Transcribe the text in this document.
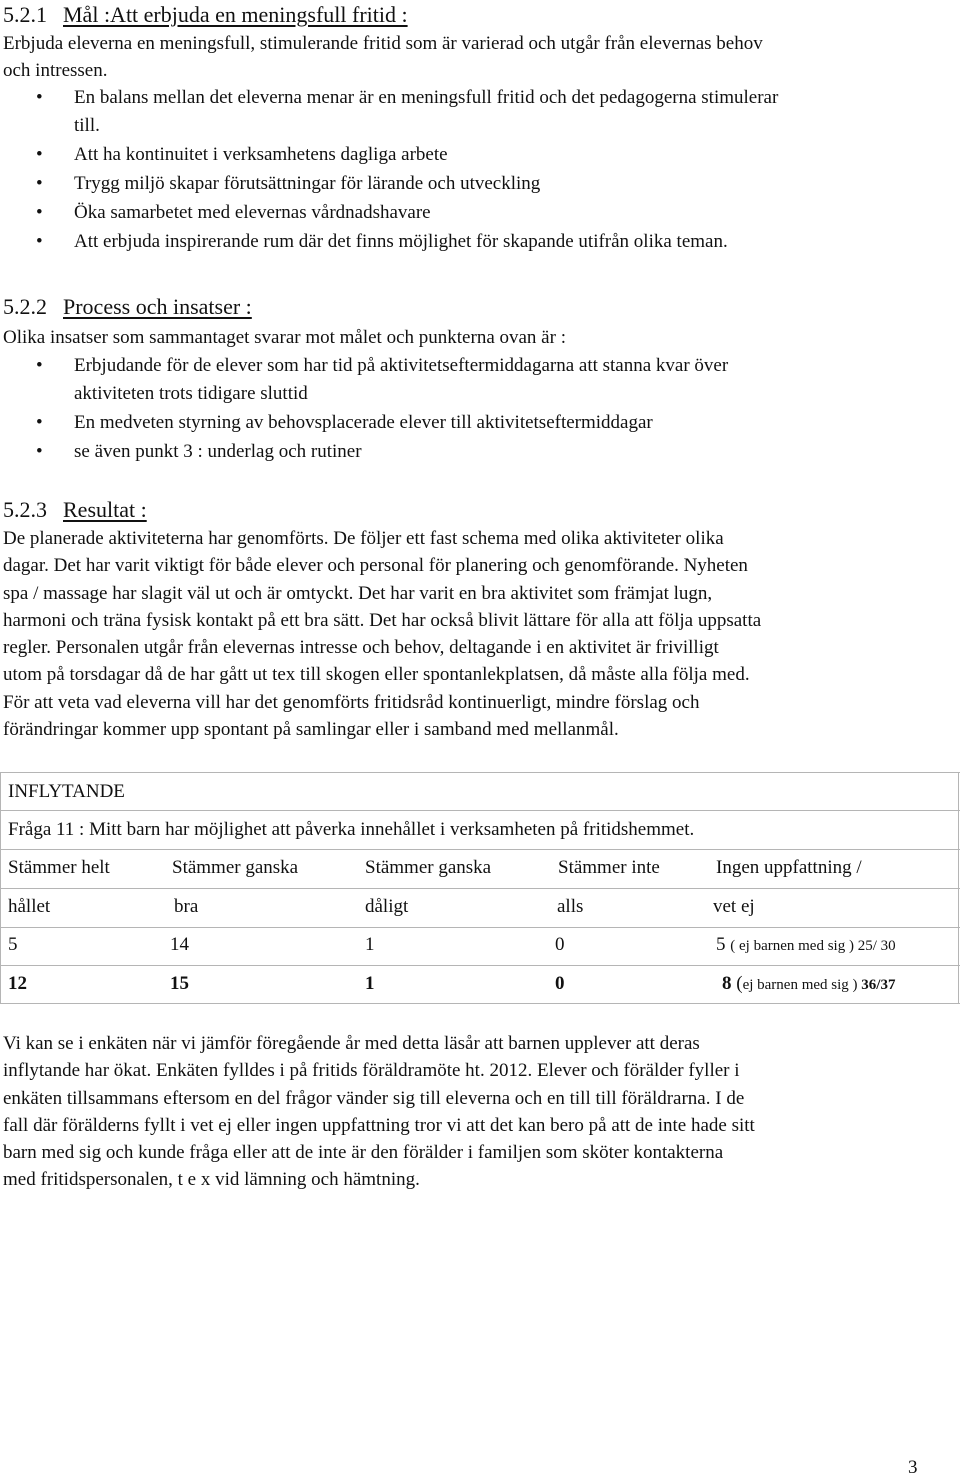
5.2.1 Mål :Att erbjuda en meningsfull fritid :
Erbjuda eleverna en meningsfull, stimulerande fritid som är varierad och utgår från elevernas behov
och intressen.
• En balans mellan det eleverna menar är en meningsfull fritid och det pedagogerna stimulerar
till.
• Att ha kontinuitet i verksamhetens dagliga arbete
• Trygg miljö skapar förutsättningar för lärande och utveckling
• Öka samarbetet med elevernas vårdnadshavare
• Att erbjuda inspirerande rum där det finns möjlighet för skapande utifrån olika teman.
5.2.2 Process och insatser :
Olika insatser som sammantaget svarar mot målet och punkterna ovan är :
• Erbjudande för de elever som har tid på aktivitetseftermiddagarna att stanna kvar över
aktiviteten trots tidigare sluttid
• En medveten styrning av behovsplacerade elever till aktivitetseftermiddagar
• se även punkt 3 : underlag och rutiner
5.2.3 Resultat :
De planerade aktiviteterna har genomförts. De följer ett fast schema med olika aktiviteter olika
dagar. Det har varit viktigt för både elever och personal för planering och genomförande. Nyheten
spa / massage har slagit väl ut och är omtyckt. Det har varit en bra aktivitet som främjat lugn,
harmoni och träna fysisk kontakt på ett bra sätt. Det har också blivit lättare för alla att följa uppsatta
regler. Personalen utgår från elevernas intresse och behov, deltagande i en aktivitet är frivilligt
utom på torsdagar då de har gått ut tex till skogen eller spontanlekplatsen, då måste alla följa med.
För att veta vad eleverna vill har det genomförts fritidsråd kontinuerligt, mindre förslag och
förändringar kommer upp spontant på samlingar eller i samband med mellanmål.
INFLYTANDE
Fråga 11 : Mitt barn har möjlighet att påverka innehållet i verksamheten på fritidshemmet.
Stämmer helt	Stämmer ganska	Stämmer ganska	Stämmer inte	Ingen uppfattning /
hållet	bra	dåligt	alls	vet ej
5	14	1	0	5 ( ej barnen med sig ) 25/ 30
12	15	1	0	8 (ej barnen med sig ) 36/37
Vi kan se i enkäten när vi jämför föregående år med detta läsår att barnen upplever att deras
inflytande har ökat. Enkäten fylldes i på fritids föräldramöte ht. 2012. Elever och förälder fyller i
enkäten tillsammans eftersom en del frågor vänder sig till eleverna och en till till föräldrarna. I de
fall där förälderns fyllt i vet ej eller ingen uppfattning tror vi att det kan bero på att de inte hade sitt
barn med sig och kunde fråga eller att de inte är den förälder i familjen som sköter kontakterna
med fritidspersonalen, t e x vid lämning och hämtning.
3
